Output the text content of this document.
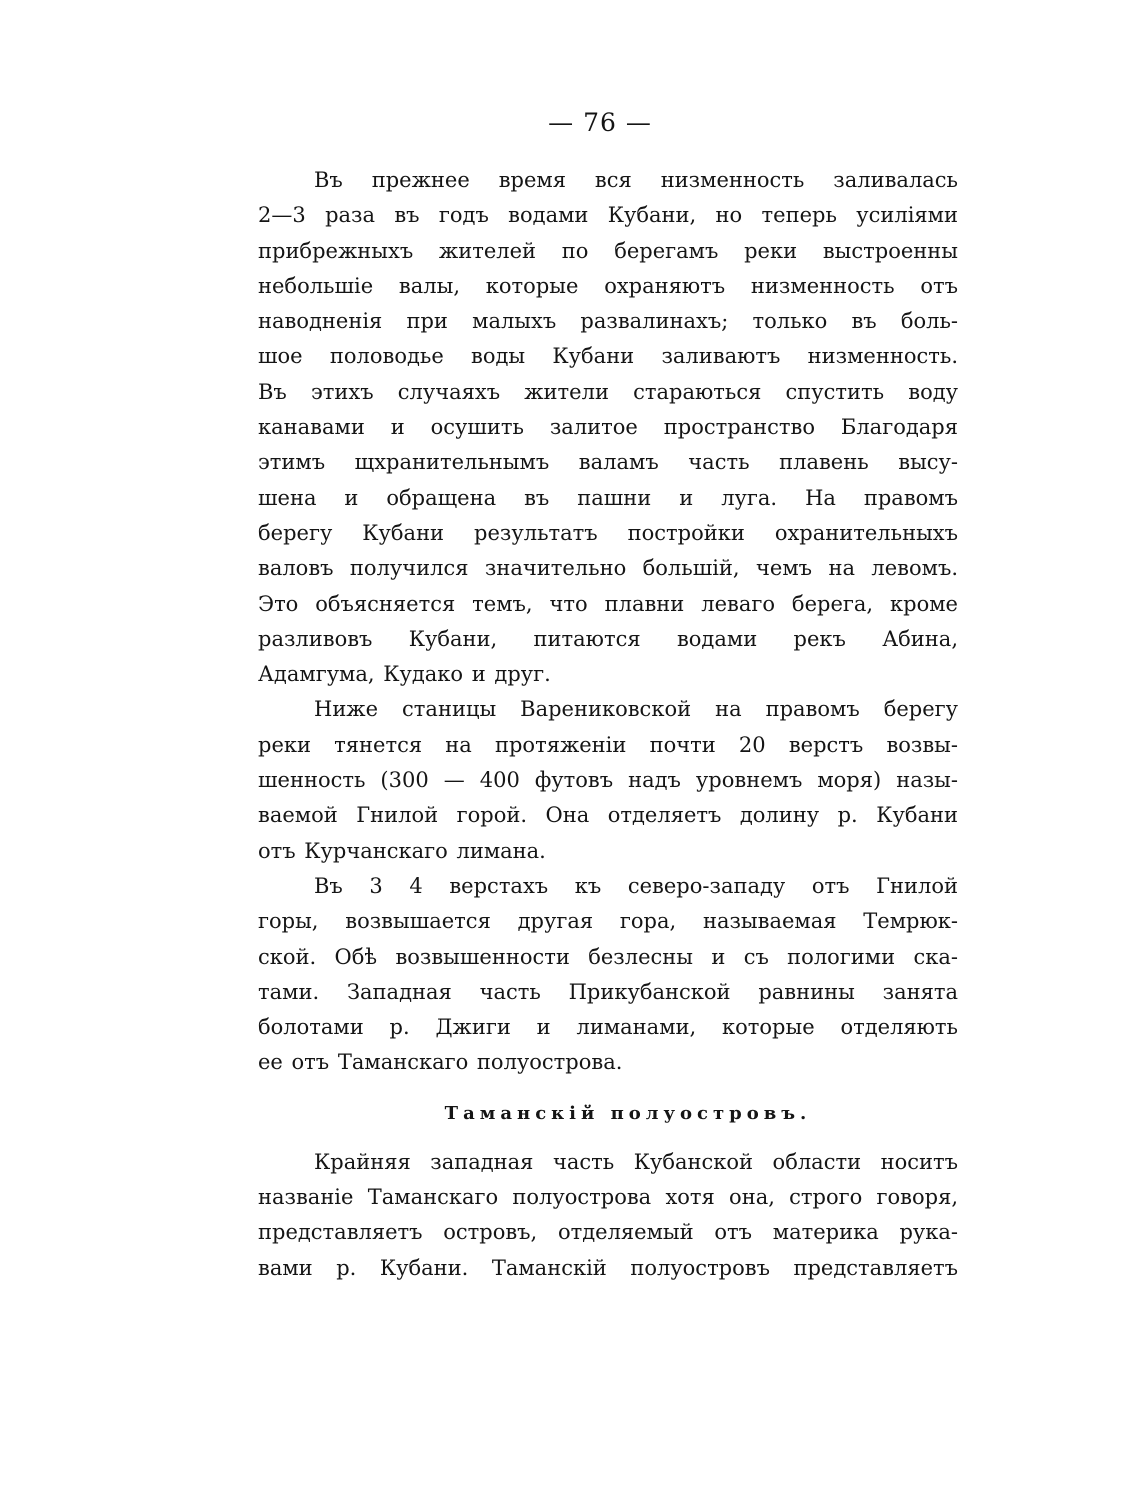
— 76 —
Въ прежнее время вся низменность заливалась
2—3 раза въ годъ водами Кубани, но теперь усиліями
прибрежныхъ жителей по берегамъ реки выстроенны
небольшіе валы, которые охраняютъ низменность отъ
наводненія при малыхъ развалинахъ; только въ боль-
шое половодье воды Кубани заливаютъ низменность.
Въ этихъ случаяхъ жители стараються спустить воду
канавами и осушить залитое пространство Благодаря
этимъ щхранительнымъ валамъ часть плавень высу-
шена и обращена въ пашни и луга. На правомъ
берегу Кубани результатъ постройки охранительныхъ
валовъ получился значительно большій, чемъ на левомъ.
Это объясняется темъ, что плавни леваго берега, кроме
разливовъ Кубани, питаются водами рекъ Абина,
Адамгума, Кудако и друг.
Ниже станицы Варениковской на правомъ берегу
реки тянется на протяженіи почти 20 верстъ возвы-
шенность (300 — 400 футовъ надъ уровнемъ моря) назы-
ваемой Гнилой горой. Она отделяетъ долину р. Кубани
отъ Курчанскаго лимана.
Въ 3 4 верстахъ къ северо-западу отъ Гнилой
горы, возвышается другая гора, называемая Темрюк-
ской. Обѣ возвышенности безлесны и съ пологими ска-
тами. Западная часть Прикубанской равнины занята
болотами р. Джиги и лиманами, которые отделяють
ее отъ Таманскаго полуострова.
Таманскій полуостровъ.
Крайняя западная часть Кубанской области носитъ
названіе Таманскаго полуострова хотя она, строго говоря,
представляетъ островъ, отделяемый отъ материка рука-
вами р. Кубани. Таманскій полуостровъ представляетъ
